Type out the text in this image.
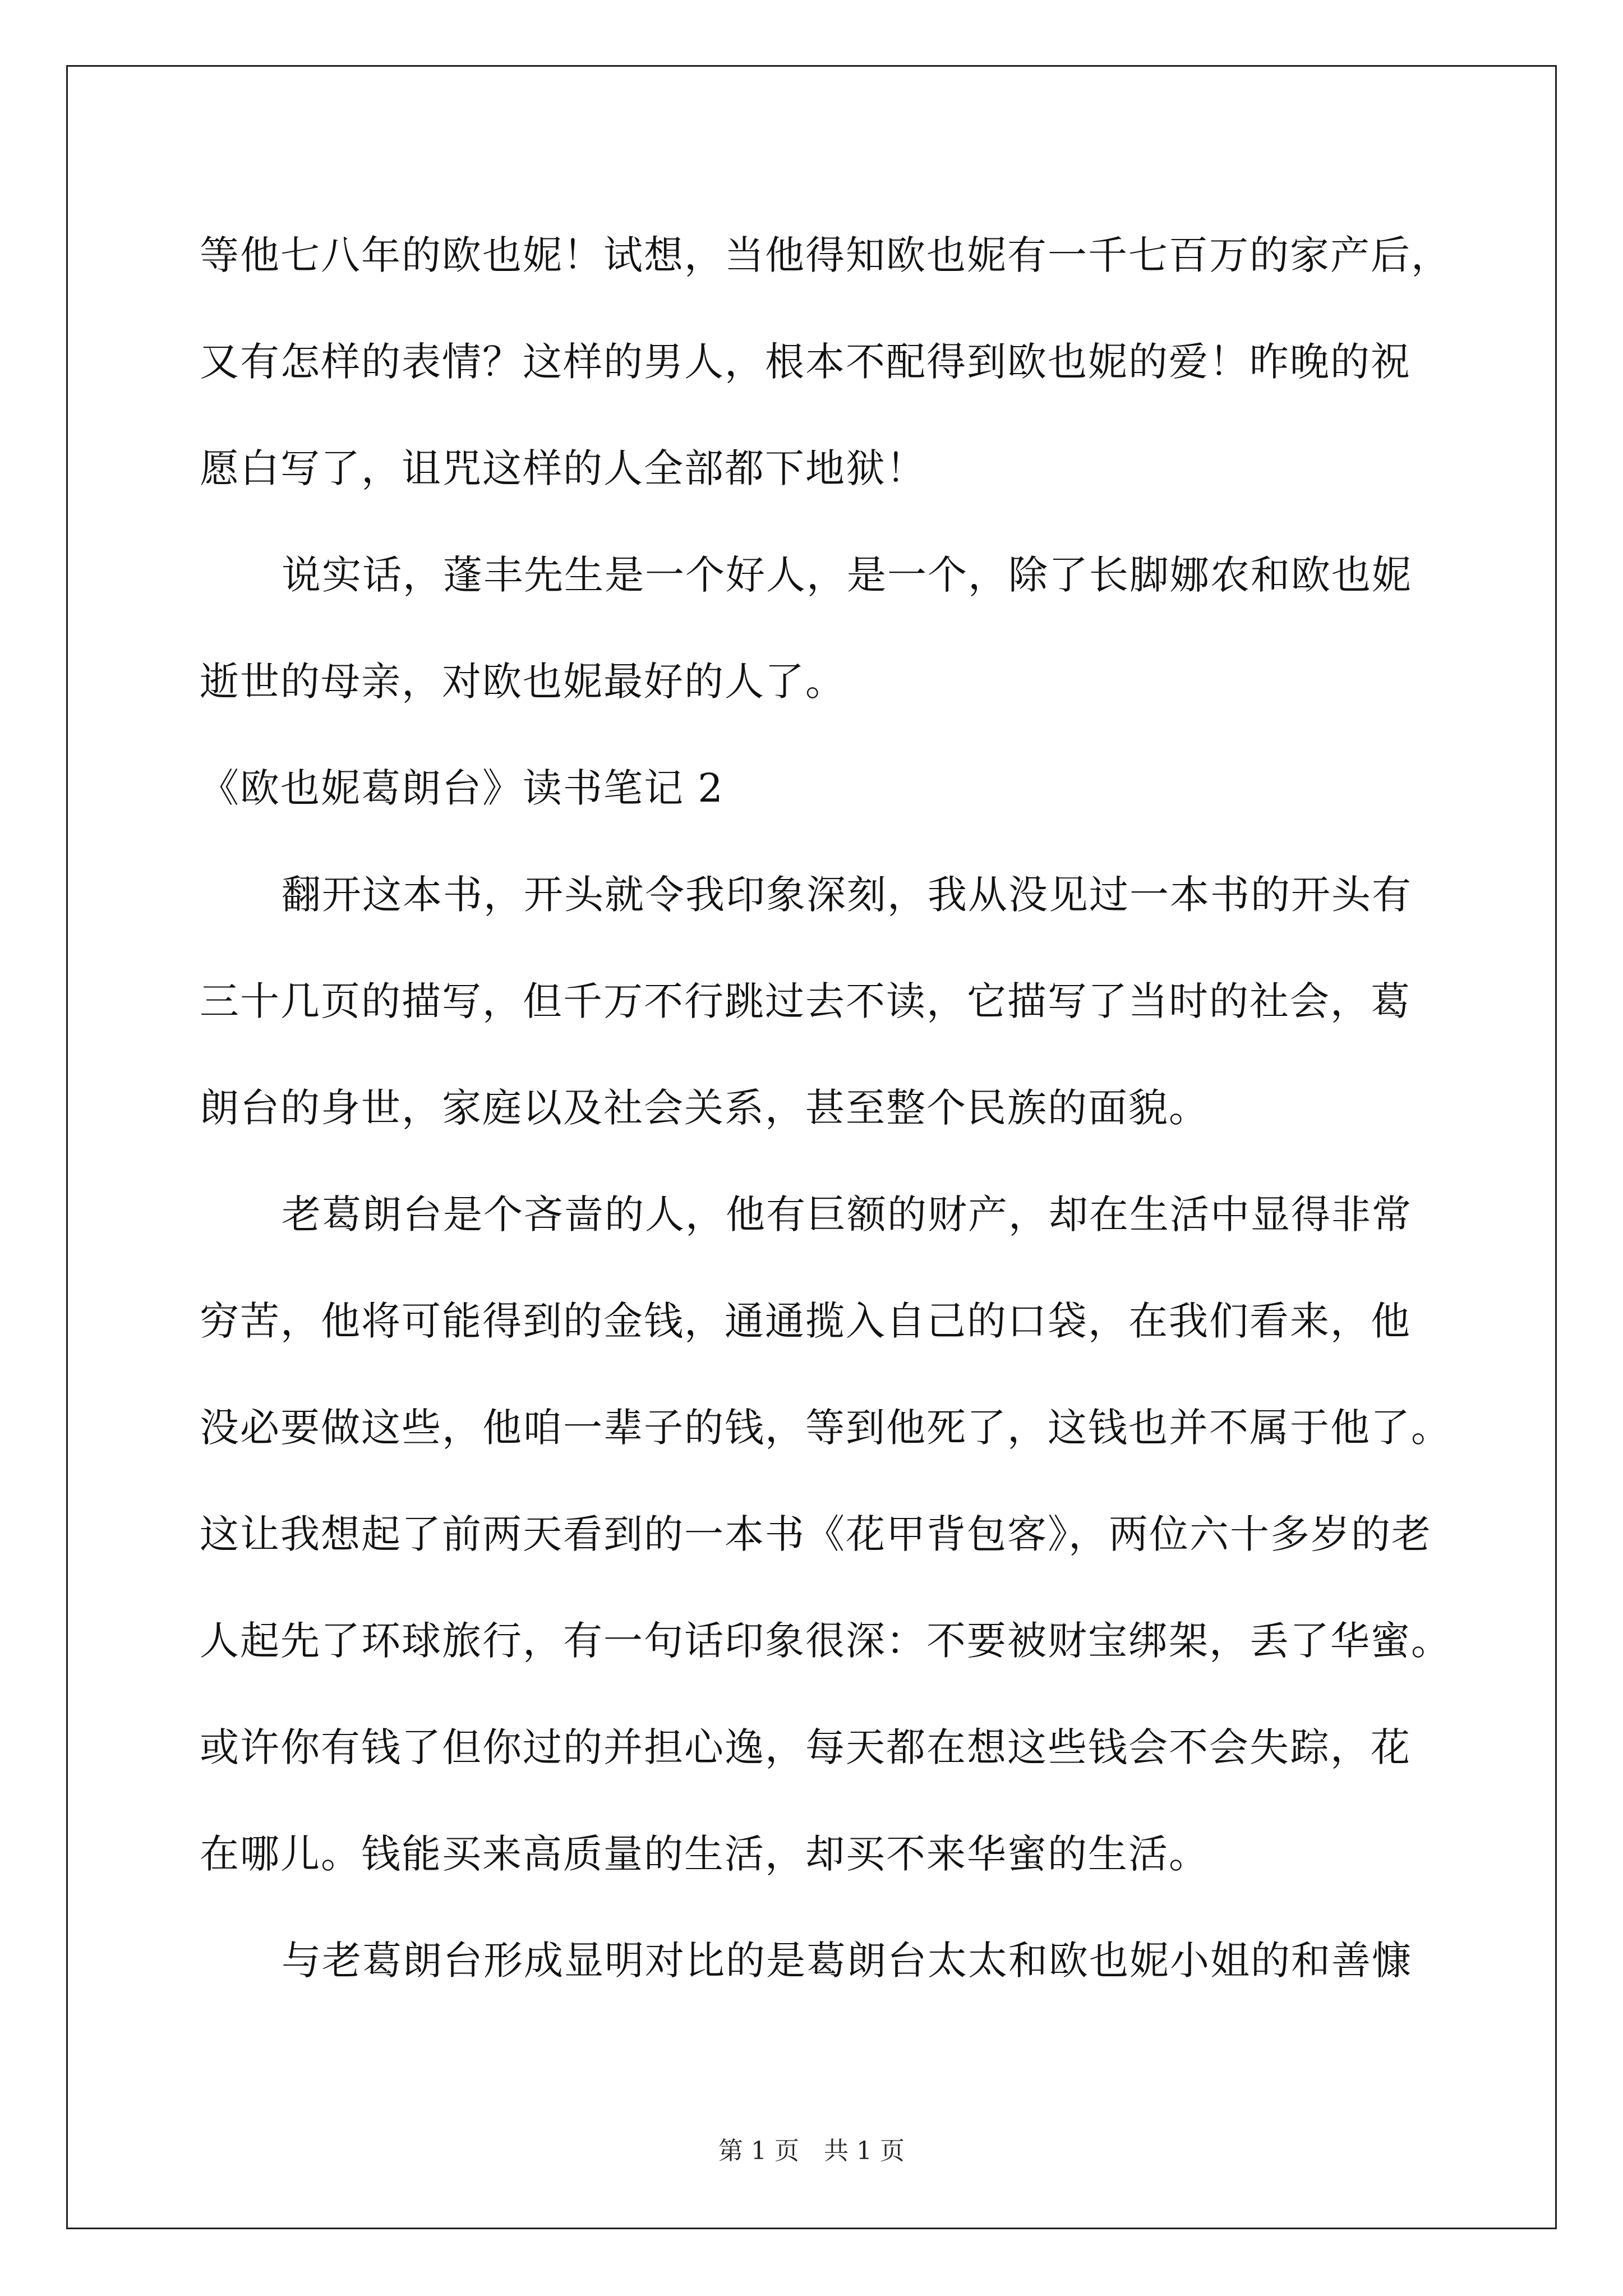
等他七八年的欧也妮！试想，当他得知欧也妮有一千七百万的家产后，
又有怎样的表情？这样的男人，根本不配得到欧也妮的爱！昨晚的祝
愿白写了，诅咒这样的人全部都下地狱！
说实话，蓬丰先生是一个好人，是一个，除了长脚娜农和欧也妮
逝世的母亲，对欧也妮最好的人了。
《欧也妮葛朗台》读书笔记 2
翻开这本书，开头就令我印象深刻，我从没见过一本书的开头有
三十几页的描写，但千万不行跳过去不读，它描写了当时的社会，葛
朗台的身世，家庭以及社会关系，甚至整个民族的面貌。
老葛朗台是个吝啬的人，他有巨额的财产，却在生活中显得非常
穷苦，他将可能得到的金钱，通通揽入自己的口袋，在我们看来，他
没必要做这些，他咱一辈子的钱，等到他死了，这钱也并不属于他了。
这让我想起了前两天看到的一本书《花甲背包客》，两位六十多岁的老
人起先了环球旅行，有一句话印象很深：不要被财宝绑架，丢了华蜜。
或许你有钱了但你过的并担心逸，每天都在想这些钱会不会失踪，花
在哪儿。钱能买来高质量的生活，却买不来华蜜的生活。
与老葛朗台形成显明对比的是葛朗台太太和欧也妮小姐的和善慷
第 1 页　共 1 页
